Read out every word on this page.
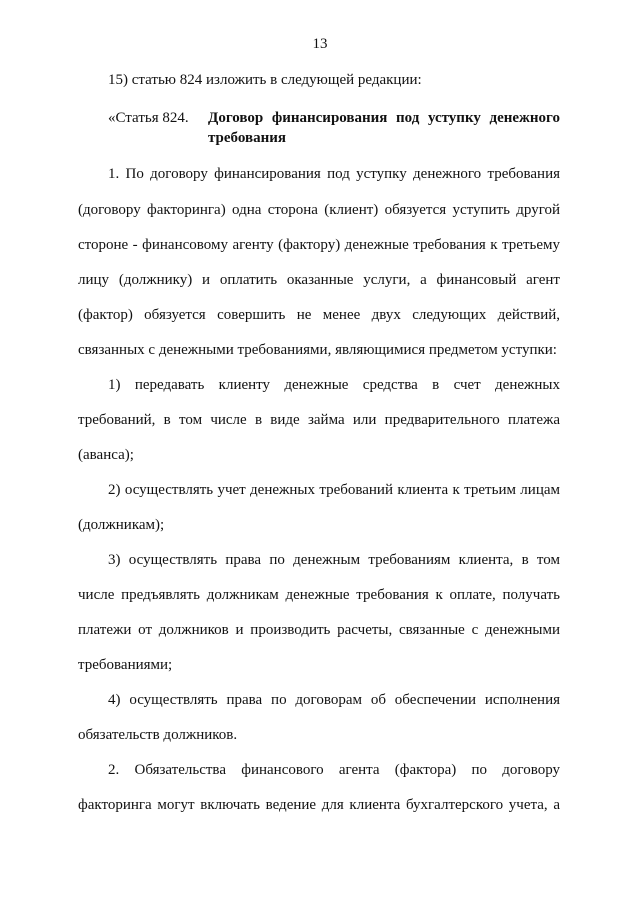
13
15) статью 824 изложить в следующей редакции:
«Статья 824. Договор финансирования под уступку денежного
требования
1. По договору финансирования под уступку денежного требования
(договору факторинга) одна сторона (клиент) обязуется уступить другой
стороне - финансовому агенту (фактору) денежные требования к третьему
лицу (должнику) и оплатить оказанные услуги, а финансовый агент
(фактор) обязуется совершить не менее двух следующих действий,
связанных с денежными требованиями, являющимися предметом уступки:
1) передавать клиенту денежные средства в счет денежных
требований, в том числе в виде займа или предварительного платежа
(аванса);
2) осуществлять учет денежных требований клиента к третьим лицам
(должникам);
3) осуществлять права по денежным требованиям клиента, в том
числе предъявлять должникам денежные требования к оплате, получать
платежи от должников и производить расчеты, связанные с денежными
требованиями;
4) осуществлять права по договорам об обеспечении исполнения
обязательств должников.
2. Обязательства финансового агента (фактора) по договору
факторинга могут включать ведение для клиента бухгалтерского учета, а
